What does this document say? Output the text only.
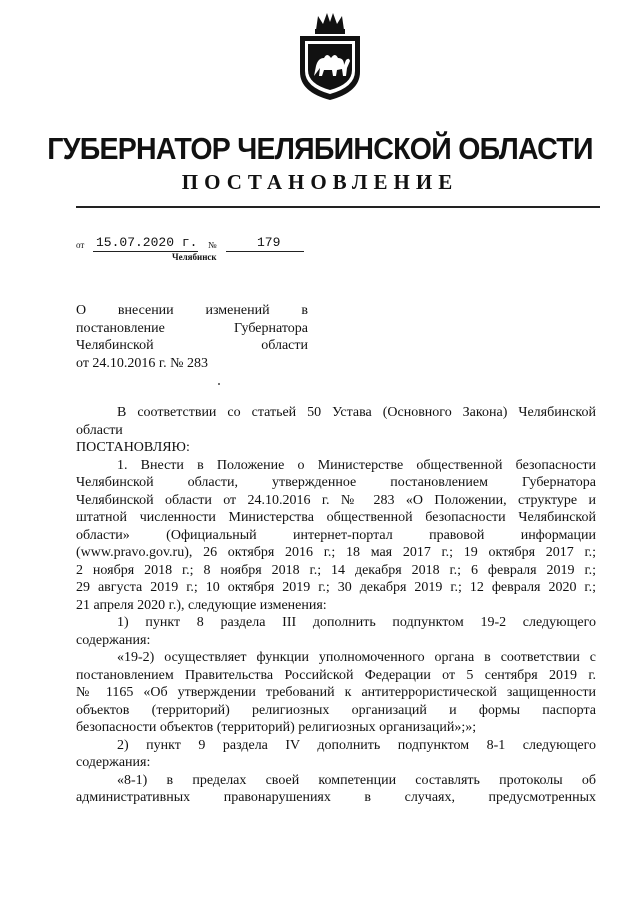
ГУБЕРНАТОР ЧЕЛЯБИНСКОЙ ОБЛАСТИ
ПОСТАНОВЛЕНИЕ
от 15.07.2020 г. №	179
Челябинск
О внесении изменений в
постановление Губернатора
Челябинской области
от 24.10.2016 г. № 283

В соответствии со статьей 50 Устава (Основного Закона) Челябинской

области

ПОСТАНОВЛЯЮ:

1. Внести в Положение о Министерстве общественной безопасности

Челябинской области, утвержденное постановлением Губернатора

Челябинской области от 24.10.2016 г. № 283 «О Положении, структуре и

штатной численности Министерства общественной безопасности Челябинской

области» (Официальный интернет-портал правовой информации

(www.pravo.gov.ru), 26 октября 2016 г.; 18 мая 2017 г.; 19 октября 2017 г.;

2 ноября 2018 г.; 8 ноября 2018 г.; 14 декабря 2018 г.; 6 февраля 2019 г.;

29 августа 2019 г.; 10 октября 2019 г.; 30 декабря 2019 г.; 12 февраля 2020 г.;

21 апреля 2020 г.), следующие изменения:

1) пункт 8 раздела III дополнить подпунктом 19-2 следующего

содержания:

«19-2) осуществляет функции уполномоченного органа в соответствии с

постановлением Правительства Российской Федерации от 5 сентября 2019 г.

№ 1165 «Об утверждении требований к антитеррористической защищенности

объектов (территорий) религиозных организаций и формы паспорта

безопасности объектов (территорий) религиозных организаций»;»;

2) пункт 9 раздела IV дополнить подпунктом 8-1 следующего

содержания:

«8-1) в пределах своей компетенции составлять протоколы об

административных правонарушениях в случаях, предусмотренных
